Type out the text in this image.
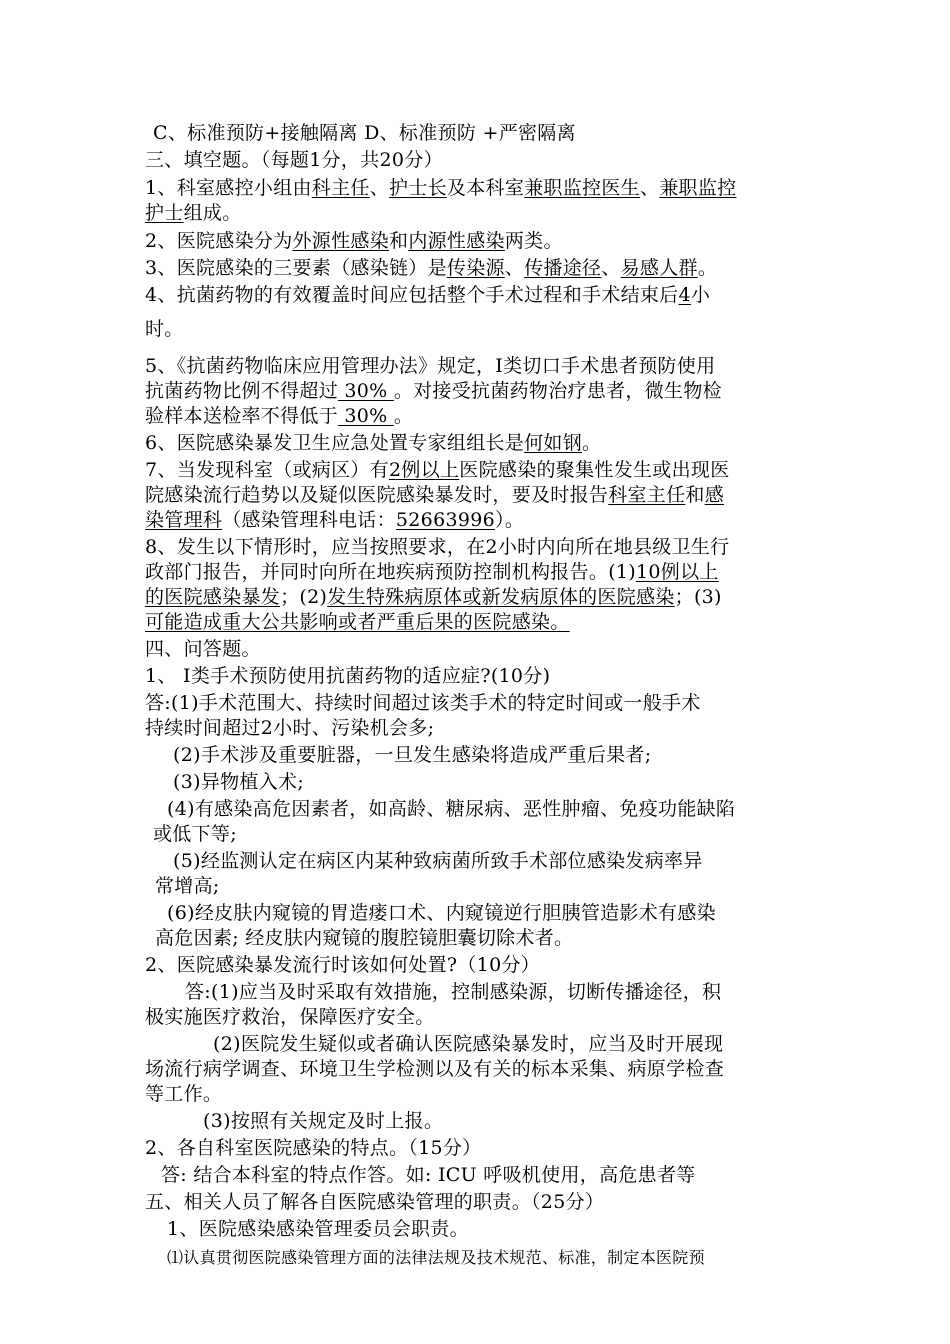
C、标准预防+接触隔离 D、标准预防 +严密隔离
三、填空题。（每题1分，共20分）
1、科室感控小组由科主任、护士长及本科室兼职监控医生、兼职监控
护士组成。
2、医院感染分为外源性感染和内源性感染两类。
3、医院感染的三要素（感染链）是传染源、传播途径、易感人群。
4、抗菌药物的有效覆盖时间应包括整个手术过程和手术结束后4小
时。
5、《抗菌药物临床应用管理办法》规定，Ⅰ类切口手术患者预防使用
抗菌药物比例不得超过 30% 。对接受抗菌药物治疗患者，微生物检
验样本送检率不得低于 30% 。
6、医院感染暴发卫生应急处置专家组组长是何如钢。
7、当发现科室（或病区）有2例以上医院感染的聚集性发生或出现医
院感染流行趋势以及疑似医院感染暴发时，要及时报告科室主任和感
染管理科（感染管理科电话：52663996）。
8、发生以下情形时，应当按照要求，在2小时内向所在地县级卫生行
政部门报告，并同时向所在地疾病预防控制机构报告。(1)10例以上
的医院感染暴发；(2)发生特殊病原体或新发病原体的医院感染；(3)
可能造成重大公共影响或者严重后果的医院感染。
四、问答题。
1、 Ⅰ类手术预防使用抗菌药物的适应症?(10分)
答:(1)手术范围大、持续时间超过该类手术的特定时间或一般手术
持续时间超过2小时、污染机会多;
(2)手术涉及重要脏器，一旦发生感染将造成严重后果者;
(3)异物植入术;
(4)有感染高危因素者，如高龄、糖尿病、恶性肿瘤、免疫功能缺陷
或低下等;
(5)经监测认定在病区内某种致病菌所致手术部位感染发病率异
常增高;
(6)经皮肤内窥镜的胃造瘘口术、内窥镜逆行胆胰管造影术有感染
高危因素; 经皮肤内窥镜的腹腔镜胆囊切除术者。
2、医院感染暴发流行时该如何处置?（10分）
答:(1)应当及时采取有效措施，控制感染源，切断传播途径，积
极实施医疗救治，保障医疗安全。
(2)医院发生疑似或者确认医院感染暴发时，应当及时开展现
场流行病学调查、环境卫生学检测以及有关的标本采集、病原学检查
等工作。
(3)按照有关规定及时上报。
2、各自科室医院感染的特点。（15分）
答: 结合本科室的特点作答。如: ICU 呼吸机使用，高危患者等
五、相关人员了解各自医院感染管理的职责。（25分）
1、医院感染感染管理委员会职责。
⑴认真贯彻医院感染管理方面的法律法规及技术规范、标准，制定本医院预
